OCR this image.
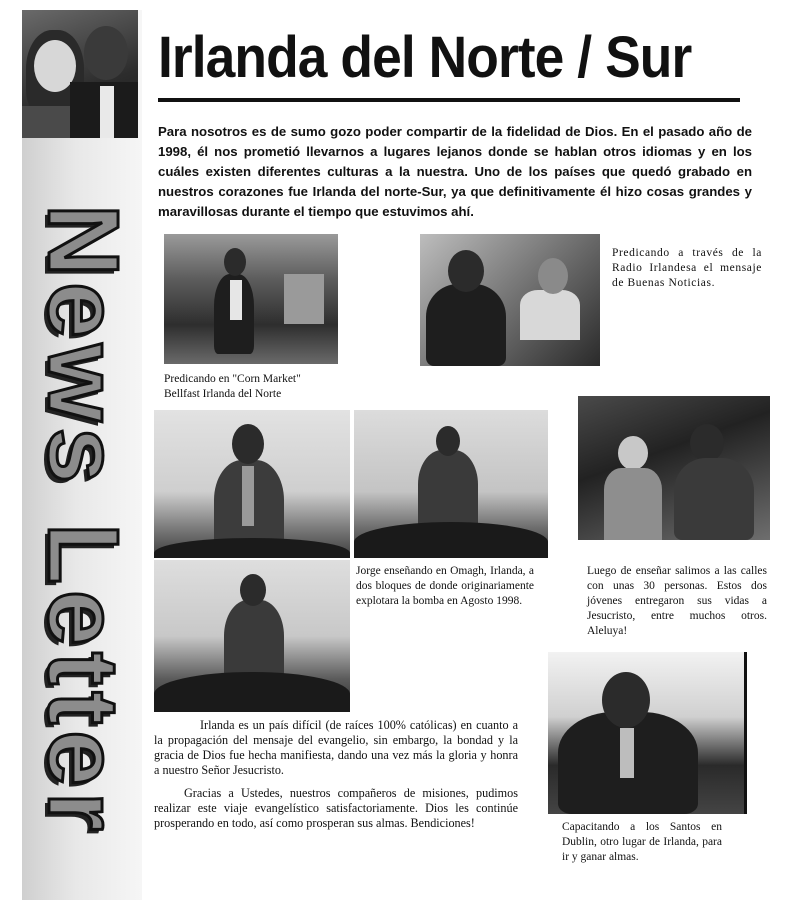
News Letter
Irlanda del Norte / Sur
Para nosotros es de sumo gozo poder compartir de la fidelidad de Dios. En el pasado año de 1998, él nos prometió llevarnos a lugares lejanos donde se hablan otros idiomas y en los cuáles existen diferentes culturas a la nuestra. Uno de los países que quedó grabado en nuestros corazones fue Irlanda del norte-Sur, ya que definitivamente él hizo cosas grandes y maravillosas durante el tiempo que estuvimos ahí.
Predicando en "Corn Market"
Bellfast Irlanda del Norte
Predicando a través de la Radio Irlandesa el mensaje de Buenas Noticias.
Luego de enseñar salimos a las calles con unas 30 personas. Estos dos jóvenes entregaron sus vidas a Jesucristo, entre muchos otros. Aleluya!
Jorge enseñando en Omagh, Irlanda, a dos bloques de donde originariamente explotara la bomba en Agosto 1998.
Capacitando a los Santos en Dublin, otro lugar de Irlanda, para ir y ganar almas.

Irlanda es un país difícil (de raíces 100% católicas) en cuanto a la propagación del mensaje del evangelio, sin embargo, la bondad y la gracia de Dios fue hecha manifiesta, dando una vez más la gloria y honra a nuestro Señor Jesucristo.

Gracias a Ustedes, nuestros compañeros de misiones, pudimos realizar este viaje evangelístico satisfactoriamente. Dios les continúe prosperando en todo, así como prosperan sus almas. Bendiciones!
